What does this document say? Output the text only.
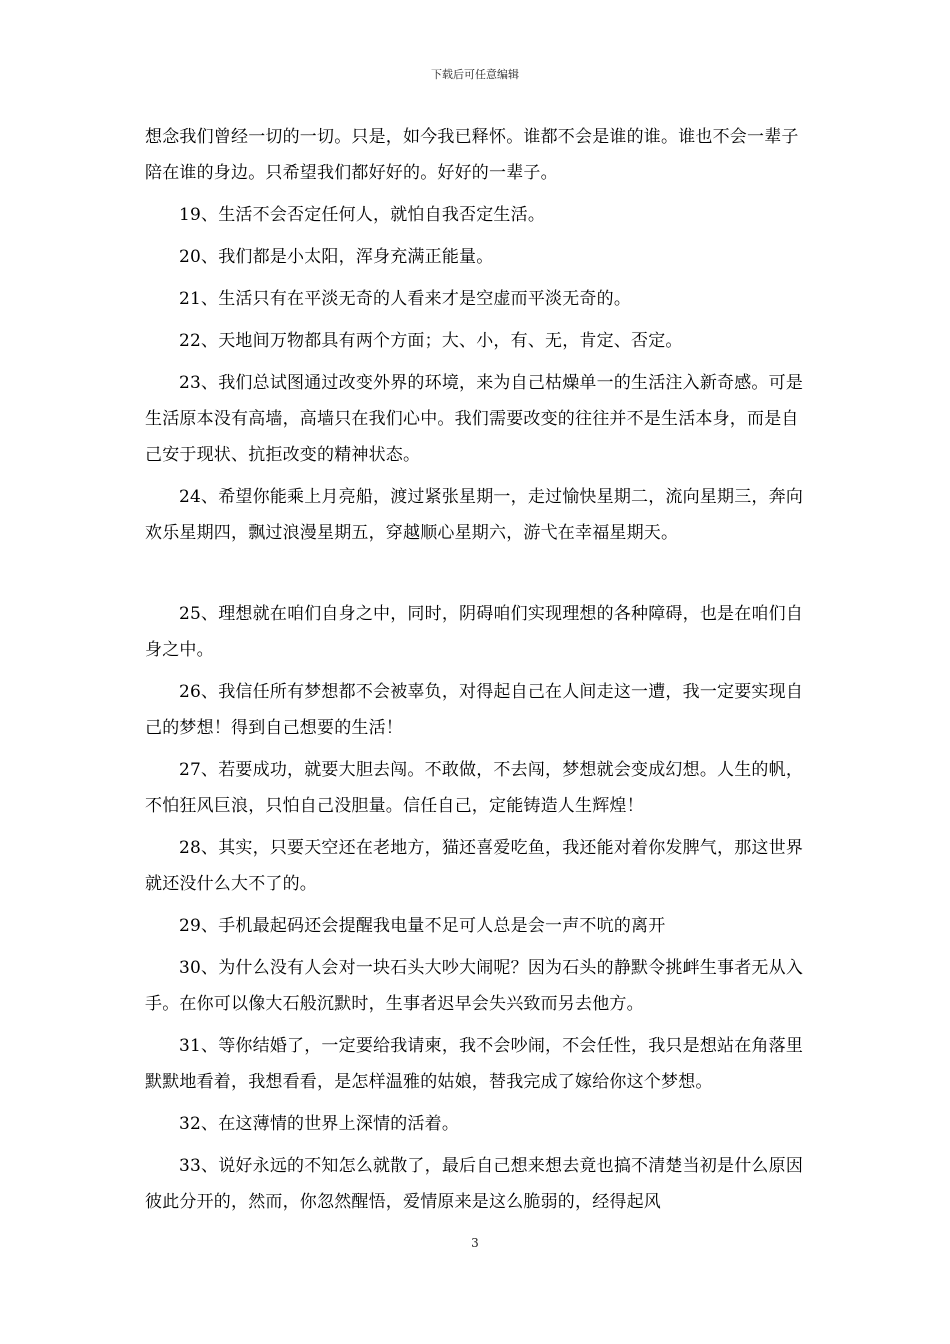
下载后可任意编辑

想念我们曾经一切的一切。只是，如今我已释怀。谁都不会是谁的谁。谁也不会一辈子陪在谁的身边。只希望我们都好好的。好好的一辈子。

19、生活不会否定任何人，就怕自我否定生活。

20、我们都是小太阳，浑身充满正能量。

21、生活只有在平淡无奇的人看来才是空虚而平淡无奇的。

22、天地间万物都具有两个方面；大、小，有、无，肯定、否定。

23、我们总试图通过改变外界的环境，来为自己枯燥单一的生活注入新奇感。可是生活原本没有高墙，高墙只在我们心中。我们需要改变的往往并不是生活本身，而是自己安于现状、抗拒改变的精神状态。

24、希望你能乘上月亮船，渡过紧张星期一，走过愉快星期二，流向星期三，奔向欢乐星期四，飘过浪漫星期五，穿越顺心星期六，游弋在幸福星期天。

25、理想就在咱们自身之中，同时，阴碍咱们实现理想的各种障碍，也是在咱们自身之中。

26、我信任所有梦想都不会被辜负，对得起自己在人间走这一遭，我一定要实现自己的梦想！得到自己想要的生活！

27、若要成功，就要大胆去闯。不敢做，不去闯，梦想就会变成幻想。人生的帆，不怕狂风巨浪，只怕自己没胆量。信任自己，定能铸造人生辉煌！

28、其实，只要天空还在老地方，猫还喜爱吃鱼，我还能对着你发脾气，那这世界就还没什么大不了的。

29、手机最起码还会提醒我电量不足可人总是会一声不吭的离开

30、为什么没有人会对一块石头大吵大闹呢？因为石头的静默令挑衅生事者无从入手。在你可以像大石般沉默时，生事者迟早会失兴致而另去他方。

31、等你结婚了，一定要给我请柬，我不会吵闹，不会任性，我只是想站在角落里默默地看着，我想看看，是怎样温雅的姑娘，替我完成了嫁给你这个梦想。

32、在这薄情的世界上深情的活着。

33、说好永远的不知怎么就散了，最后自己想来想去竟也搞不清楚当初是什么原因彼此分开的，然而，你忽然醒悟，爱情原来是这么脆弱的，经得起风

3
